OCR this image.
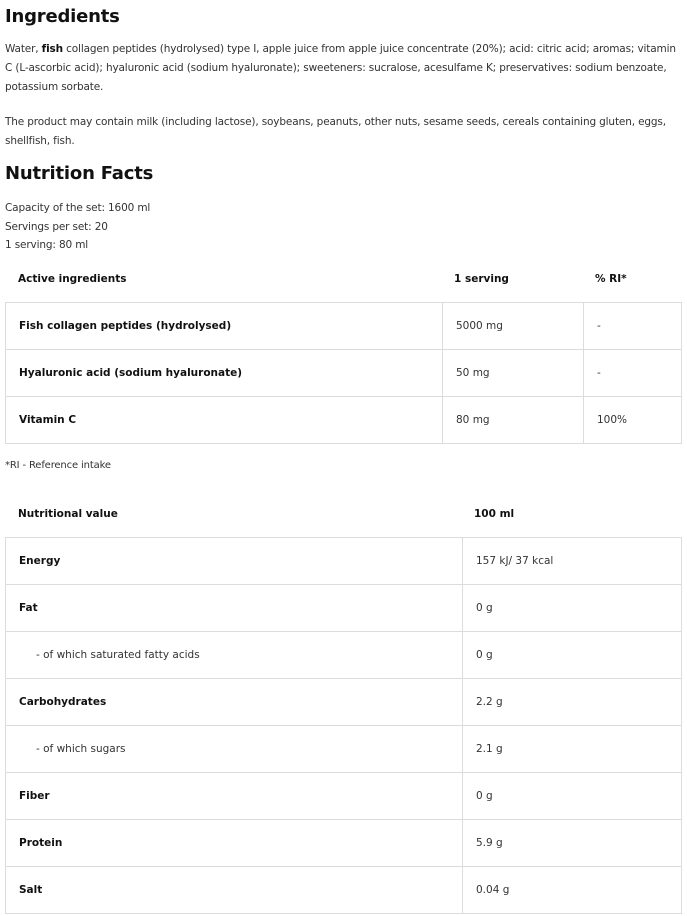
Ingredients

Water, fish collagen peptides (hydrolysed) type I, apple juice from apple juice concentrate (20%); acid: citric acid; aromas; vitamin C (L-ascorbic acid); hyaluronic acid (sodium hyaluronate); sweeteners: sucralose, acesulfame K; preservatives: sodium benzoate, potassium sorbate.

The product may contain milk (including lactose), soybeans, peanuts, other nuts, sesame seeds, cereals containing gluten, eggs, shellfish, fish.

Nutrition Facts
Capacity of the set: 1600 ml
Servings per set: 20
1 serving: 80 ml
Active ingredients	1 serving	% RI*
Fish collagen peptides (hydrolysed)	5000 mg	-
Hyaluronic acid (sodium hyaluronate)	50 mg	-
Vitamin C	80 mg	100%
*RI - Reference intake
Nutritional value	100 ml
Energy	157 kJ/ 37 kcal
Fat	0 g
- of which saturated fatty acids	0 g
Carbohydrates	2.2 g
- of which sugars	2.1 g
Fiber	0 g
Protein	5.9 g
Salt	0.04 g
